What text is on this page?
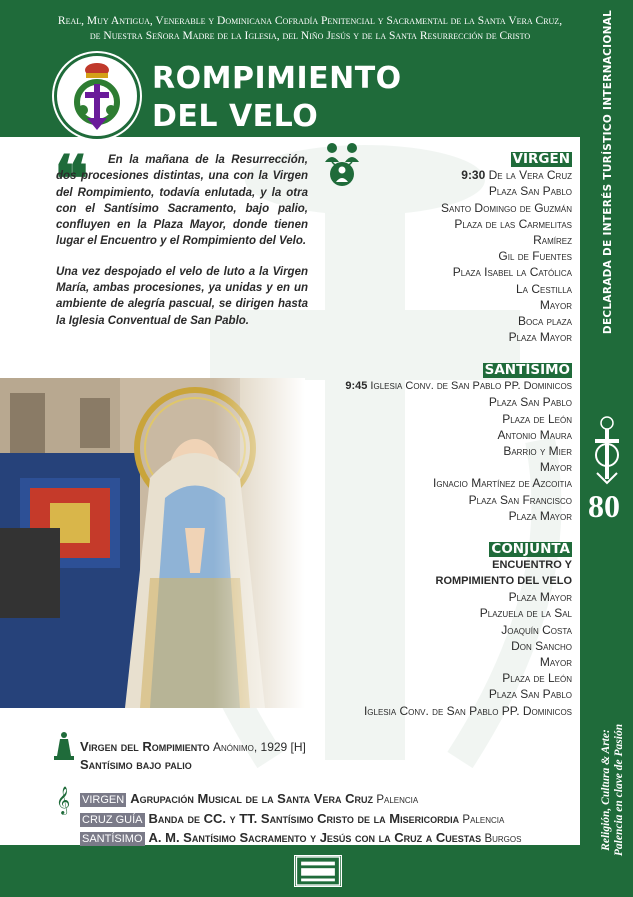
Real, Muy Antigua, Venerable y Dominicana Cofradía Penitencial y Sacramental de la Santa Vera Cruz,
de Nuestra Señora Madre de la Iglesia, del Niño Jesús y de la Santa Resurrección de Cristo
ROMPIMIENTO
DEL VELO	DECLARADA DE INTERÉS TURÍSTICO INTERNACIONAL
80
Religión, Cultura & Arte: Palencia en clave de Pasión
❝	En la mañana de la Resurrección, dos procesiones distintas, una con la Virgen del Rompimiento, todavía enlutada, y la otra con el Santísimo Sacramento, bajo palio, confluyen en la Plaza Mayor, donde tienen lugar el Encuentro y el Rompimiento del Velo.

Una vez despojado el velo de luto a la Virgen María, ambas procesiones, ya unidas y en un ambiente de alegría pascual, se dirigen hasta la Iglesia Conventual de San Pablo.

VIRGEN
9:30 De la Vera Cruz
Plaza San Pablo
Santo Domingo de Guzmán
Plaza de las Carmelitas
Ramírez
Gil de Fuentes
Plaza Isabel la Católica
La Cestilla
Mayor
Boca plaza
Plaza Mayor
SANTÍSIMO
9:45 Iglesia Conv. de San Pablo PP. Dominicos
Plaza San Pablo
Plaza de León
Antonio Maura
Barrio y Mier
Mayor
Ignacio Martínez de Azcoitia
Plaza San Francisco
Plaza Mayor
CONJUNTA
ENCUENTRO Y
ROMPIMIENTO DEL VELO
Plaza Mayor
Plazuela de la Sal
Joaquín Costa
Don Sancho
Mayor
Plaza de León
Plaza San Pablo
Iglesia Conv. de San Pablo PP. Dominicos
Virgen del Rompimiento Anónimo, 1929 [H]
Santísimo bajo palio
𝄞 VIRGEN Agrupación Musical de la Santa Vera Cruz Palencia
CRUZ GUÍA Banda de CC. y TT. Santísimo Cristo de la Misericordia Palencia
SANTÍSIMO A. M. Santísimo Sacramento y Jesús con la Cruz a Cuestas Burgos
